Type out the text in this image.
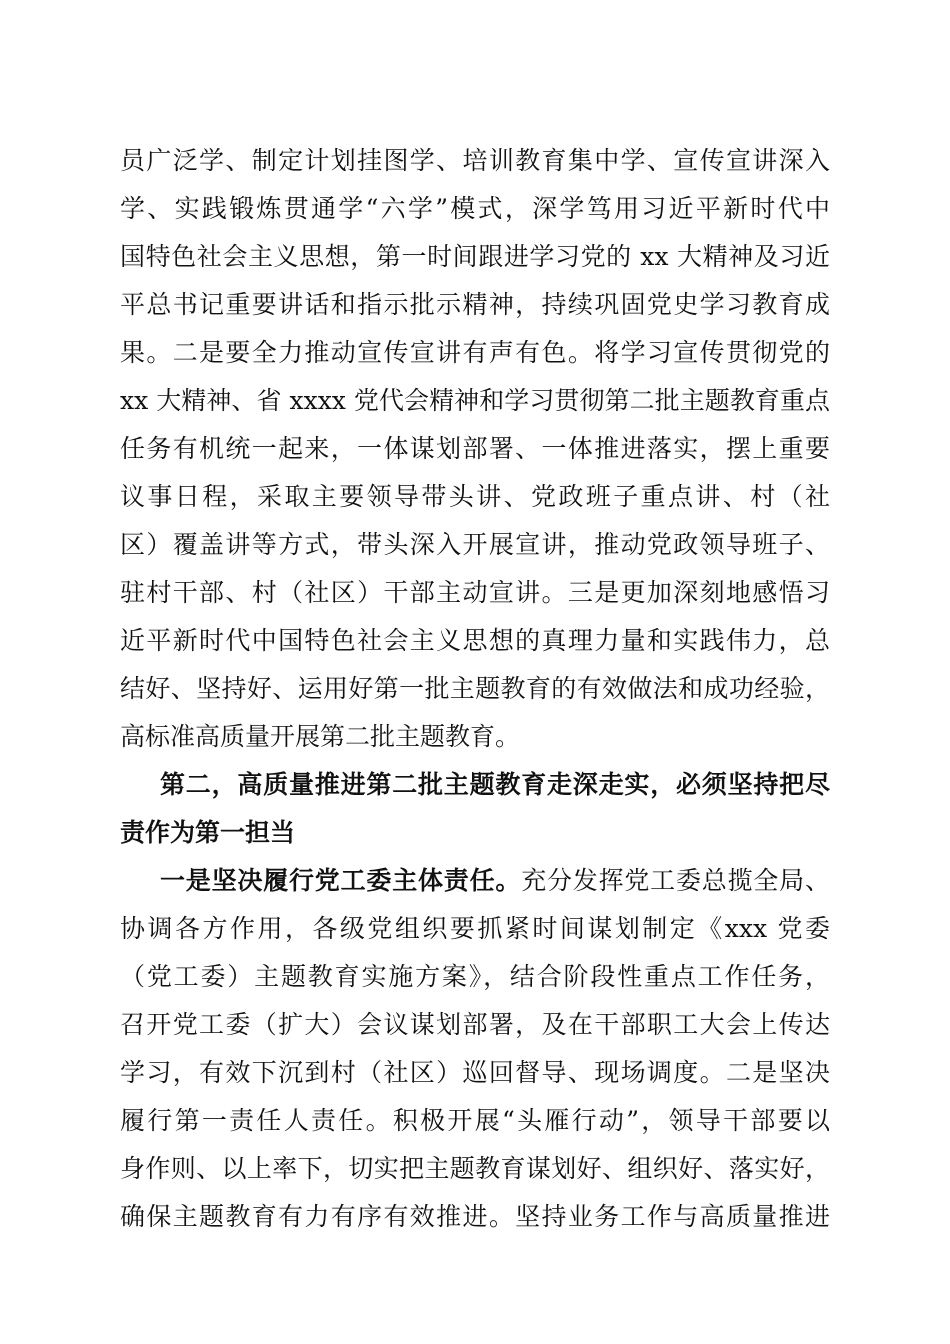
员广泛学、制定计划挂图学、培训教育集中学、宣传宣讲深入
学、实践锻炼贯通学“六学”模式，深学笃用习近平新时代中
国特色社会主义思想，第一时间跟进学习党的 xx 大精神及习近
平总书记重要讲话和指示批示精神，持续巩固党史学习教育成
果。二是要全力推动宣传宣讲有声有色。将学习宣传贯彻党的
xx 大精神、省 xxxx 党代会精神和学习贯彻第二批主题教育重点
任务有机统一起来，一体谋划部署、一体推进落实，摆上重要
议事日程，采取主要领导带头讲、党政班子重点讲、村（社
区）覆盖讲等方式，带头深入开展宣讲，推动党政领导班子、
驻村干部、村（社区）干部主动宣讲。三是更加深刻地感悟习
近平新时代中国特色社会主义思想的真理力量和实践伟力，总
结好、坚持好、运用好第一批主题教育的有效做法和成功经验，
高标准高质量开展第二批主题教育。
第二，高质量推进第二批主题教育走深走实，必须坚持把尽
责作为第一担当
一是坚决履行党工委主体责任。充分发挥党工委总揽全局、
协调各方作用，各级党组织要抓紧时间谋划制定《xxx 党委
（党工委）主题教育实施方案》，结合阶段性重点工作任务，
召开党工委（扩大）会议谋划部署，及在干部职工大会上传达
学习，有效下沉到村（社区）巡回督导、现场调度。二是坚决
履行第一责任人责任。积极开展“头雁行动”，领导干部要以
身作则、以上率下，切实把主题教育谋划好、组织好、落实好，
确保主题教育有力有序有效推进。坚持业务工作与高质量推进
